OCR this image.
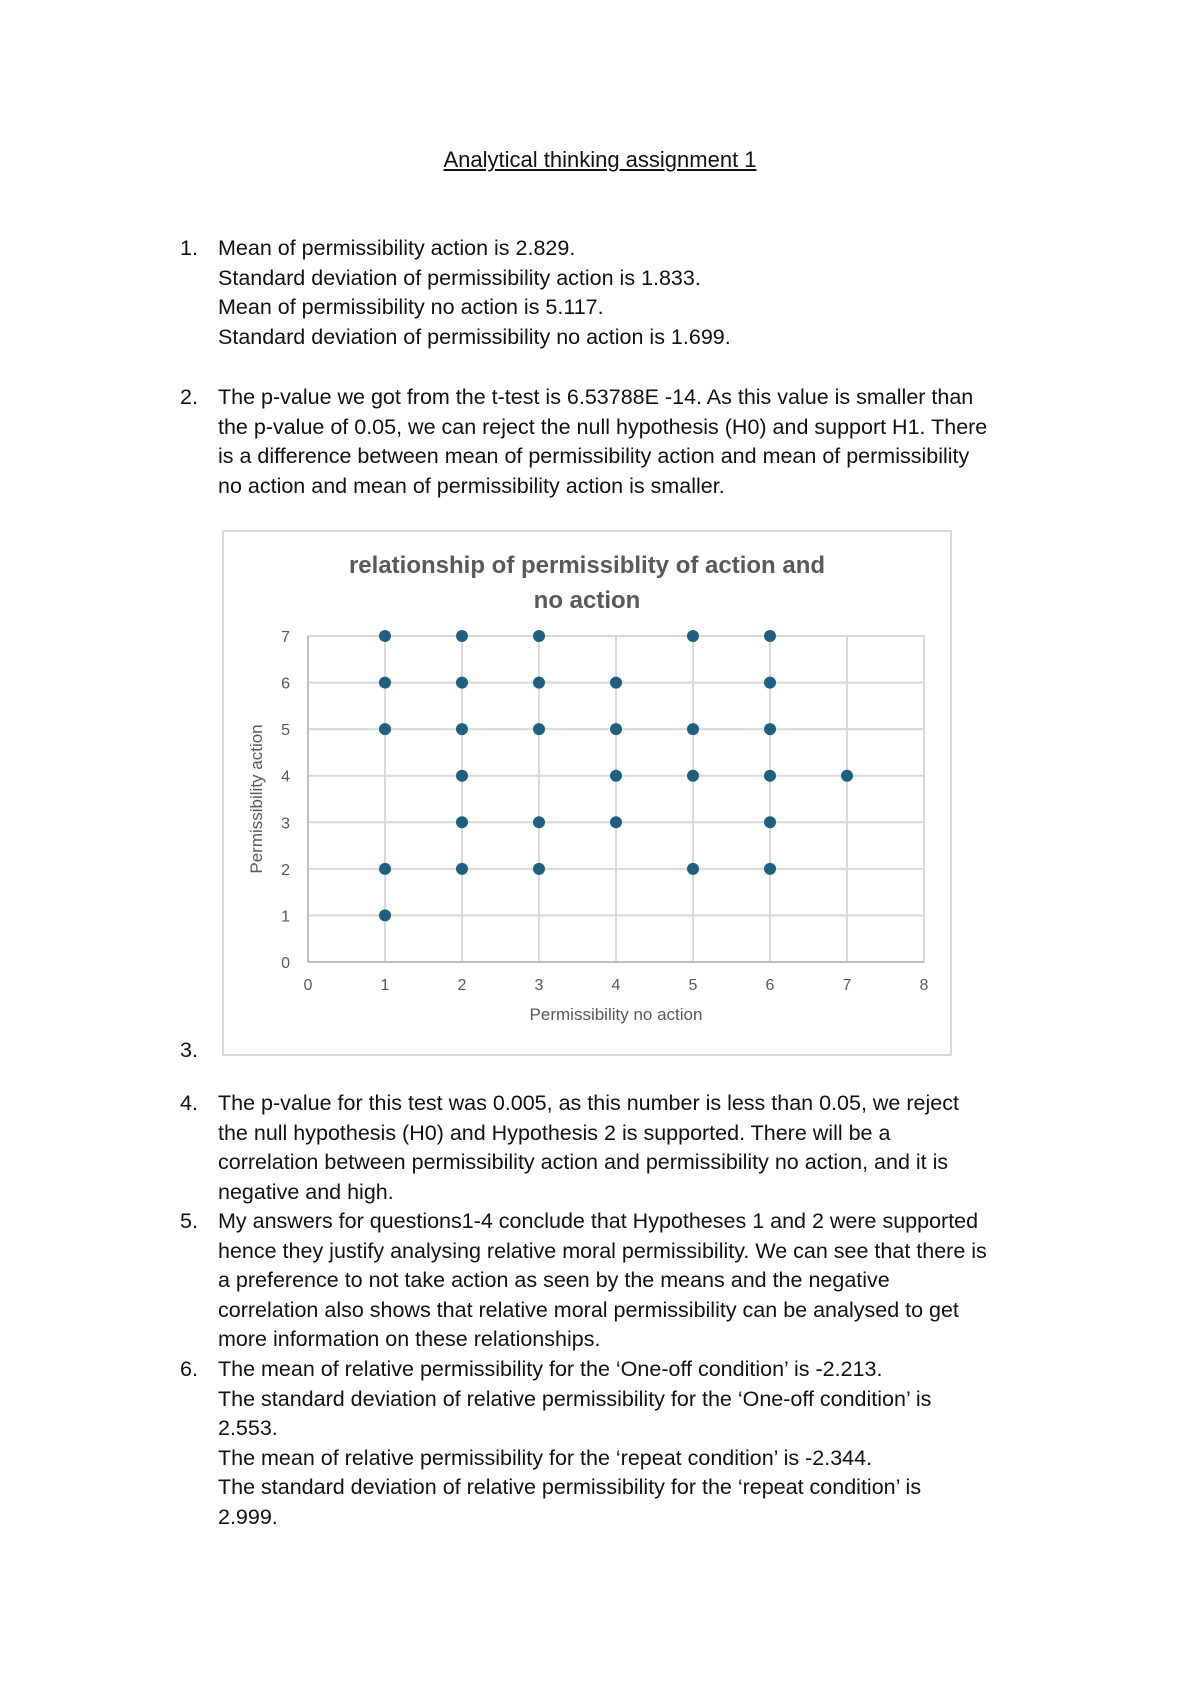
Analytical thinking assignment 1
1. Mean of permissibility action is 2.829.

Standard deviation of permissibility action is 1.833.

Mean of permissibility no action is 5.117.

Standard deviation of permissibility no action is 1.699.

2. The p-value we got from the t-test is 6.53788E -14. As this value is smaller than

the p-value of 0.05, we can reject the null hypothesis (H0) and support H1. There

is a difference between mean of permissibility action and mean of permissibility

no action and mean of permissibility action is smaller.

relationship of permissiblity of action and
no action
0	1	2	3	4	5	6	7	8
0
1
2
3
4
5
6
7
Permissibility no action
Permissibility action
3.
4. The p-value for this test was 0.005, as this number is less than 0.05, we reject

the null hypothesis (H0) and Hypothesis 2 is supported. There will be a

correlation between permissibility action and permissibility no action, and it is

negative and high.

5. My answers for questions1-4 conclude that Hypotheses 1 and 2 were supported

hence they justify analysing relative moral permissibility. We can see that there is

a preference to not take action as seen by the means and the negative

correlation also shows that relative moral permissibility can be analysed to get

more information on these relationships.

6. The mean of relative permissibility for the ‘One-off condition’ is -2.213.

The standard deviation of relative permissibility for the ‘One-off condition’ is

2.553.

The mean of relative permissibility for the ‘repeat condition’ is -2.344.

The standard deviation of relative permissibility for the ‘repeat condition’ is

2.999.
